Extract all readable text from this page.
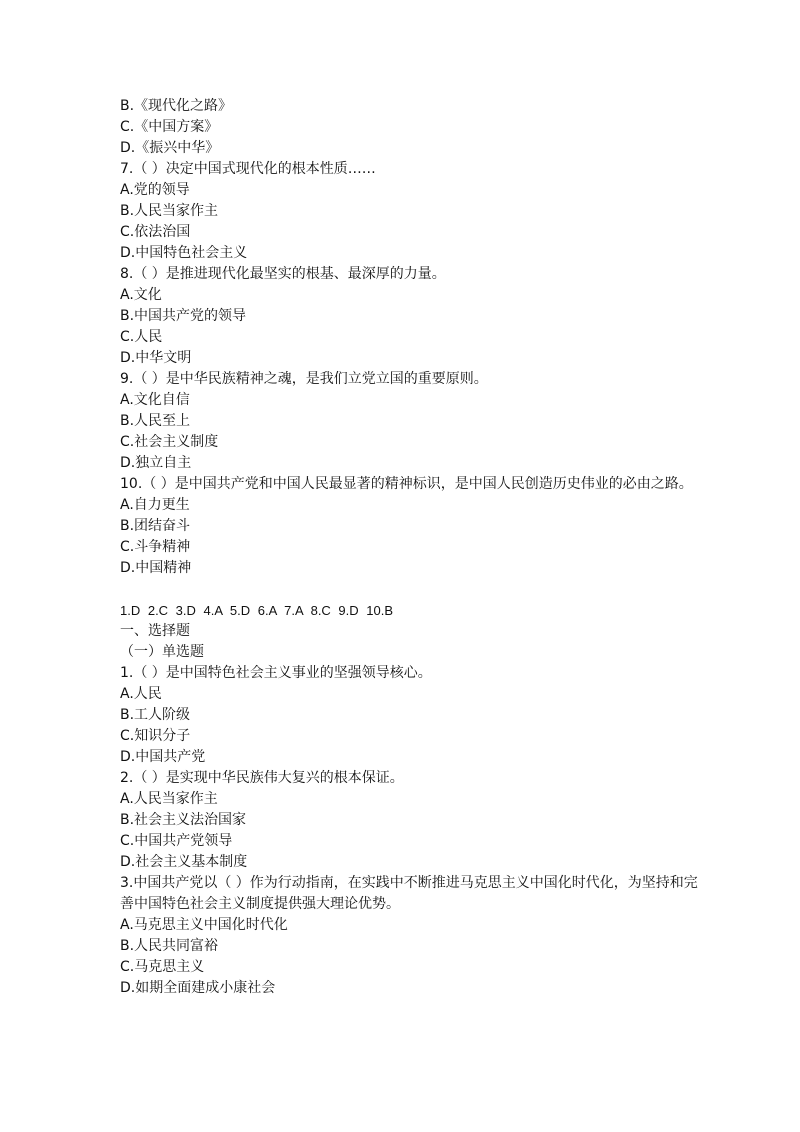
B.《现代化之路》
C.《中国方案》
D.《振兴中华》
7.（ ）决定中国式现代化的根本性质……
A.党的领导
B.人民当家作主
C.依法治国
D.中国特色社会主义
8.（ ）是推进现代化最坚实的根基、最深厚的力量。
A.文化
B.中国共产党的领导
C.人民
D.中华文明
9.（ ）是中华民族精神之魂，是我们立党立国的重要原则。
A.文化自信
B.人民至上
C.社会主义制度
D.独立自主
10.（ ）是中国共产党和中国人民最显著的精神标识，是中国人民创造历史伟业的必由之路。
A.自力更生
B.团结奋斗
C.斗争精神
D.中国精神
1.D 2.C 3.D 4.A 5.D 6.A 7.A 8.C 9.D 10.B
一、选择题
（一）单选题
1.（ ）是中国特色社会主义事业的坚强领导核心。
A.人民
B.工人阶级
C.知识分子
D.中国共产党
2.（ ）是实现中华民族伟大复兴的根本保证。
A.人民当家作主
B.社会主义法治国家
C.中国共产党领导
D.社会主义基本制度
3.中国共产党以（ ）作为行动指南，在实践中不断推进马克思主义中国化时代化，为坚持和完善中国特色社会主义制度提供强大理论优势。
A.马克思主义中国化时代化
B.人民共同富裕
C.马克思主义
D.如期全面建成小康社会
